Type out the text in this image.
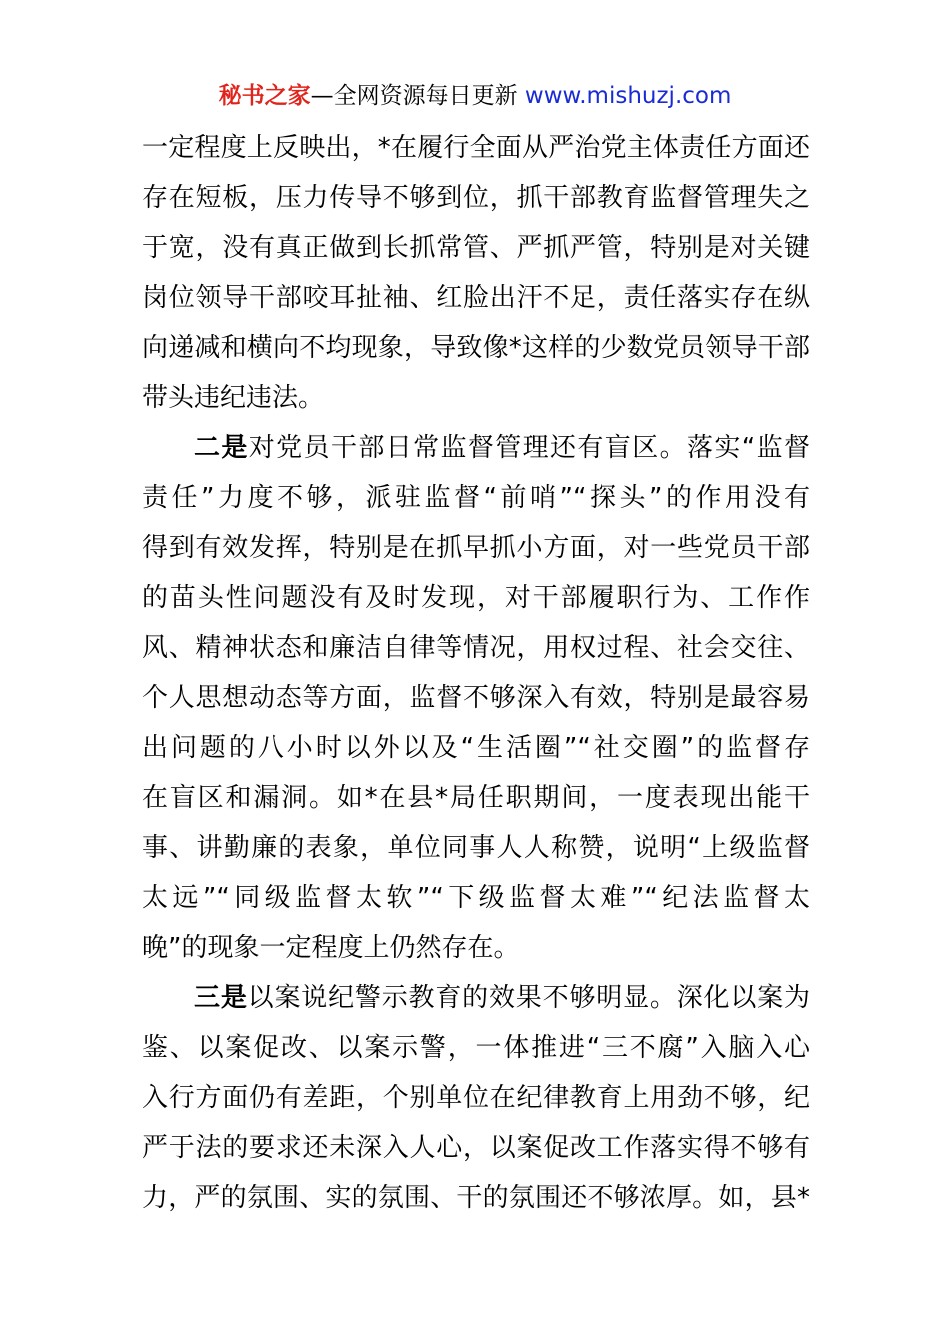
秘书之家—全网资源每日更新 www.mishuzj.com
一定程度上反映出，*在履行全面从严治党主体责任方面还
存在短板，压力传导不够到位，抓干部教育监督管理失之
于宽，没有真正做到长抓常管、严抓严管，特别是对关键
岗位领导干部咬耳扯袖、红脸出汗不足，责任落实存在纵
向递减和横向不均现象，导致像*这样的少数党员领导干部
带头违纪违法。
二是对党员干部日常监督管理还有盲区。落实“监督
责任”力度不够，派驻监督“前哨”“探头”的作用没有
得到有效发挥，特别是在抓早抓小方面，对一些党员干部
的苗头性问题没有及时发现，对干部履职行为、工作作
风、精神状态和廉洁自律等情况，用权过程、社会交往、
个人思想动态等方面，监督不够深入有效，特别是最容易
出问题的八小时以外以及“生活圈”“社交圈”的监督存
在盲区和漏洞。如*在县*局任职期间，一度表现出能干
事、讲勤廉的表象，单位同事人人称赞，说明“上级监督
太远”“同级监督太软”“下级监督太难”“纪法监督太
晚”的现象一定程度上仍然存在。
三是以案说纪警示教育的效果不够明显。深化以案为
鉴、以案促改、以案示警，一体推进“三不腐”入脑入心
入行方面仍有差距，个别单位在纪律教育上用劲不够，纪
严于法的要求还未深入人心，以案促改工作落实得不够有
力，严的氛围、实的氛围、干的氛围还不够浓厚。如，县*
